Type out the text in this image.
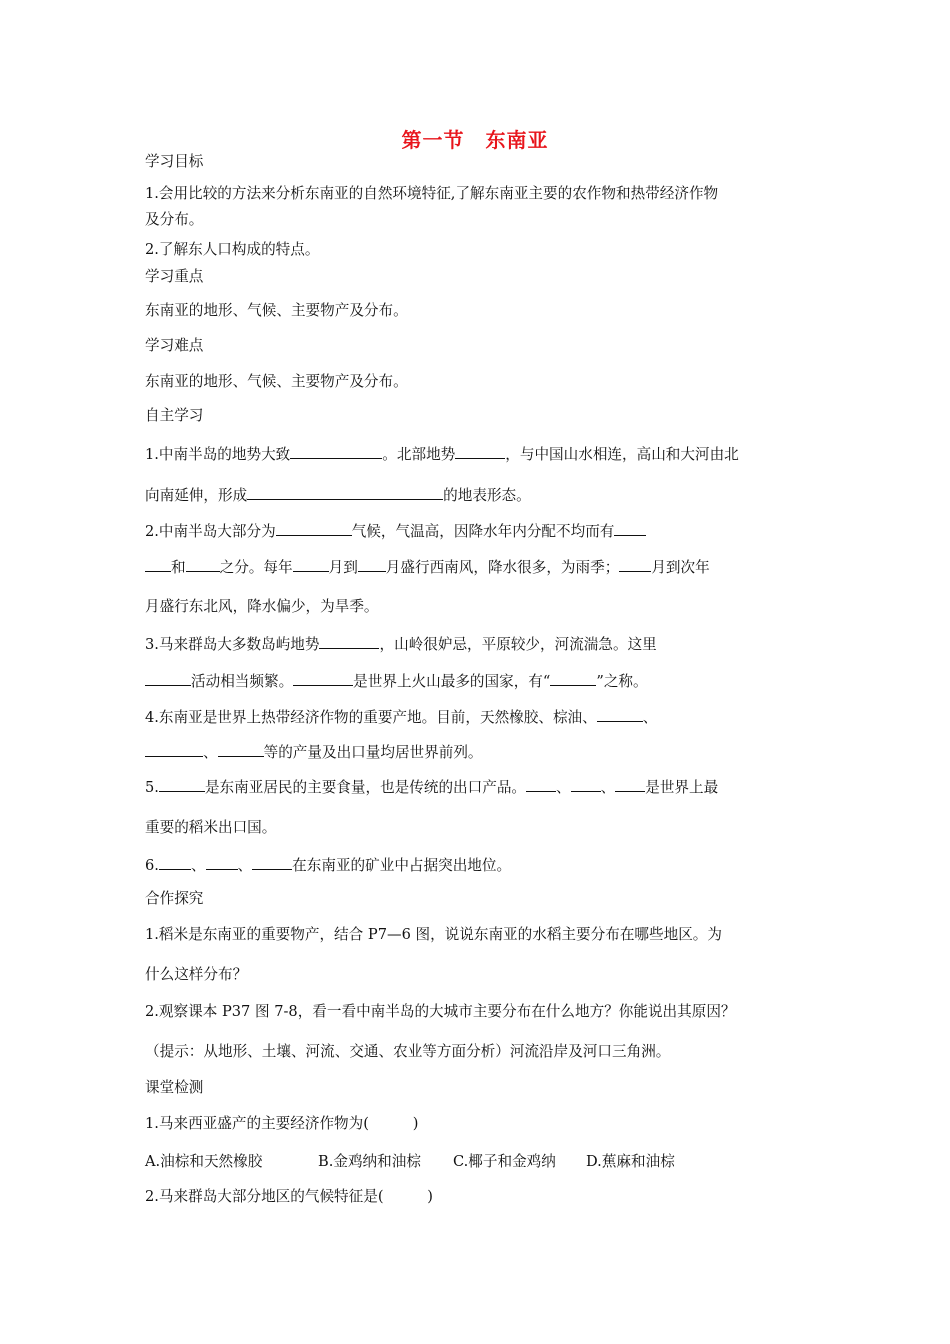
第一节　东南亚
学习目标
1.会用比较的方法来分析东南亚的自然环境特征,了解东南亚主要的农作物和热带经济作物
及分布。
2.了解东人口构成的特点。
学习重点
东南亚的地形、气候、主要物产及分布。
学习难点
东南亚的地形、气候、主要物产及分布。
自主学习
1.中南半岛的地势大致	。北部地势	，与中国山水相连，高山和大河由北
向南延伸，形成	的地表形态。
2.中南半岛大部分为	气候，气温高，因降水年内分配不均而有
和 之分。每年 月到 月盛行西南风，降水很多，为雨季； 月到次年
月盛行东北风，降水偏少，为旱季。
3.马来群岛大多数岛屿地势	，山岭很妒忌，平原较少，河流湍急。这里
活动相当频繁。	是世界上火山最多的国家，有“	”之称。
4.东南亚是世界上热带经济作物的重要产地。目前，天然橡胶、棕油、	、
、	等的产量及出口量均居世界前列。
5.	是东南亚居民的主要食量，也是传统的出口产品。 、 、 是世界上最
重要的稻米出口国。
6. 、 、	在东南亚的矿业中占据突出地位。
合作探究
1.稻米是东南亚的重要物产，结合 P7—6 图，说说东南亚的水稻主要分布在哪些地区。为
什么这样分布？
2.观察课本 P37 图 7-8，看一看中南半岛的大城市主要分布在什么地方？你能说出其原因？
（提示：从地形、土壤、河流、交通、农业等方面分析）河流沿岸及河口三角洲。
课堂检测
1.马来西亚盛产的主要经济作物为(　　　)
A.油棕和天然橡胶	B.金鸡纳和油棕 C.椰子和金鸡纳 D.蕉麻和油棕
2.马来群岛大部分地区的气候特征是(　　　)
